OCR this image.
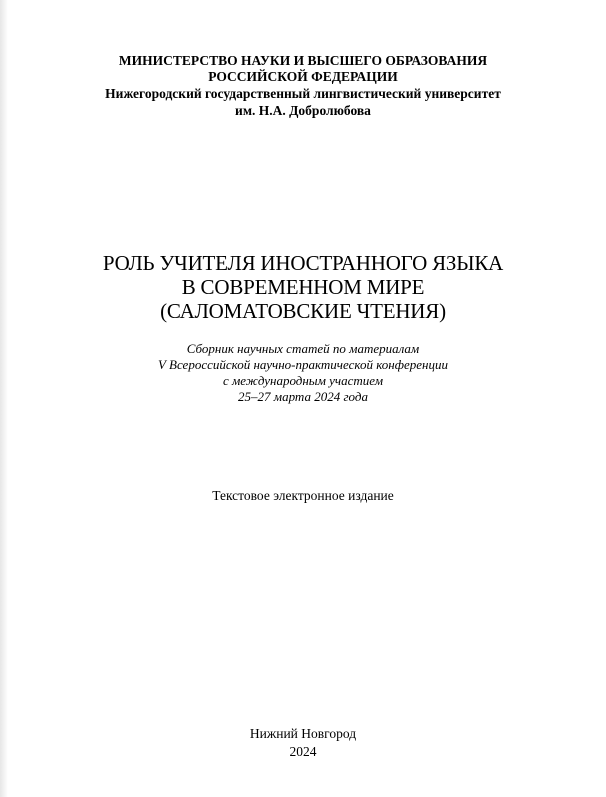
МИНИСТЕРСТВО НАУКИ И ВЫСШЕГО ОБРАЗОВАНИЯ
РОССИЙСКОЙ ФЕДЕРАЦИИ
Нижегородский государственный лингвистический университет
им. Н.А. Добролюбова
РОЛЬ УЧИТЕЛЯ ИНОСТРАННОГО ЯЗЫКА
В СОВРЕМЕННОМ МИРЕ
(САЛОМАТОВСКИЕ ЧТЕНИЯ)
Сборник научных статей по материалам
V Всероссийской научно-практической конференции
с международным участием
25–27 марта 2024 года
Текстовое электронное издание
Нижний Новгород
2024
